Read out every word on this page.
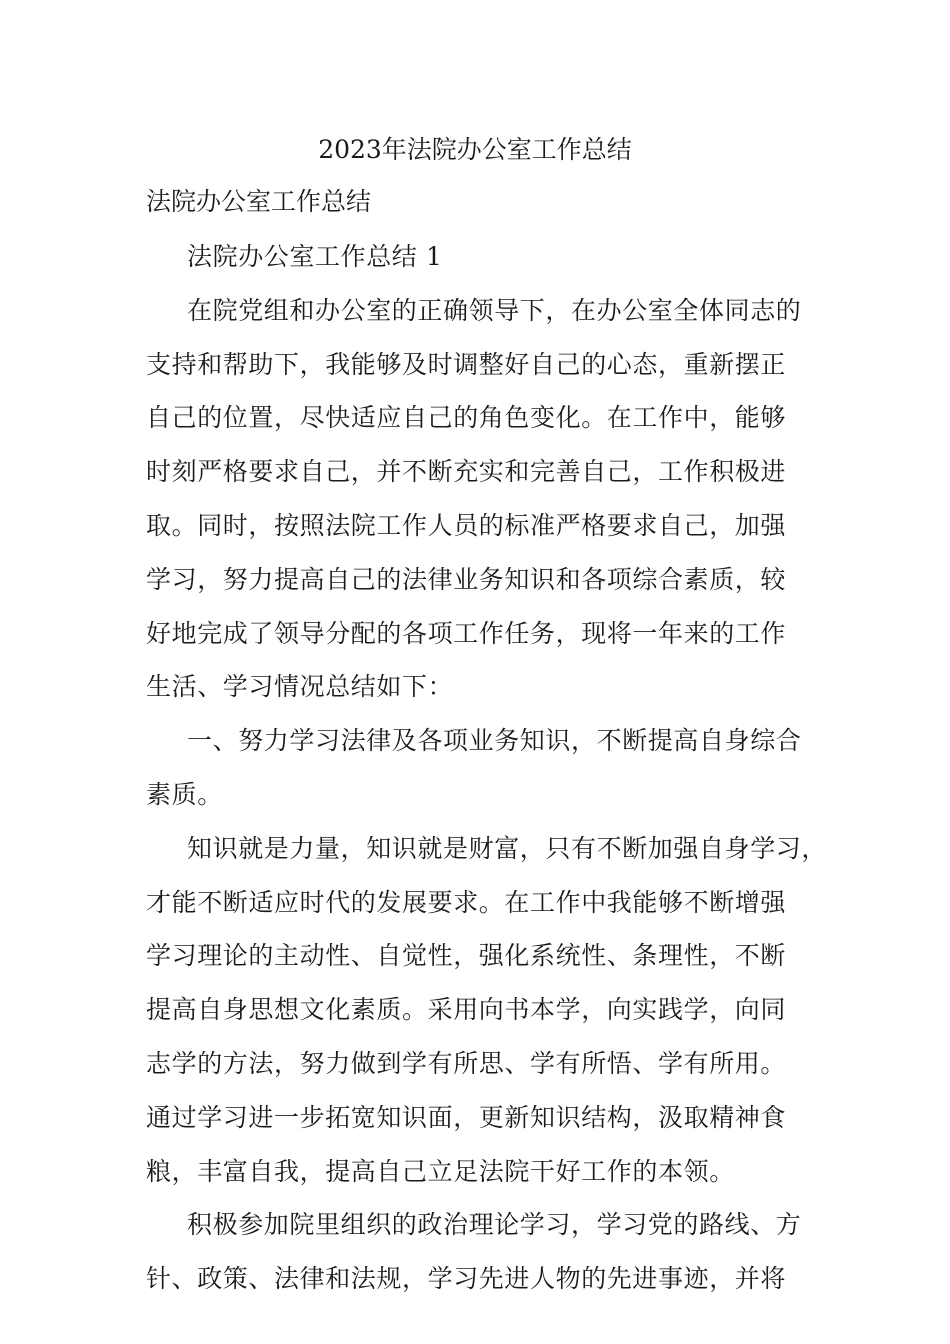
2023年法院办公室工作总结

法院办公室工作总结

法院办公室工作总结 1
在院党组和办公室的正确领导下，在办公室全体同志的
支持和帮助下，我能够及时调整好自己的心态，重新摆正
自己的位置，尽快适应自己的角色变化。在工作中，能够
时刻严格要求自己，并不断充实和完善自己，工作积极进
取。同时，按照法院工作人员的标准严格要求自己，加强
学习，努力提高自己的法律业务知识和各项综合素质，较
好地完成了领导分配的各项工作任务，现将一年来的工作
生活、学习情况总结如下：
一、努力学习法律及各项业务知识，不断提高自身综合
素质。
知识就是力量，知识就是财富，只有不断加强自身学习，
才能不断适应时代的发展要求。在工作中我能够不断增强
学习理论的主动性、自觉性，强化系统性、条理性，不断
提高自身思想文化素质。采用向书本学，向实践学，向同
志学的方法，努力做到学有所思、学有所悟、学有所用。
通过学习进一步拓宽知识面，更新知识结构，汲取精神食
粮，丰富自我，提高自己立足法院干好工作的本领。
积极参加院里组织的政治理论学习，学习党的路线、方
针、政策、法律和法规，学习先进人物的先进事迹，并将
